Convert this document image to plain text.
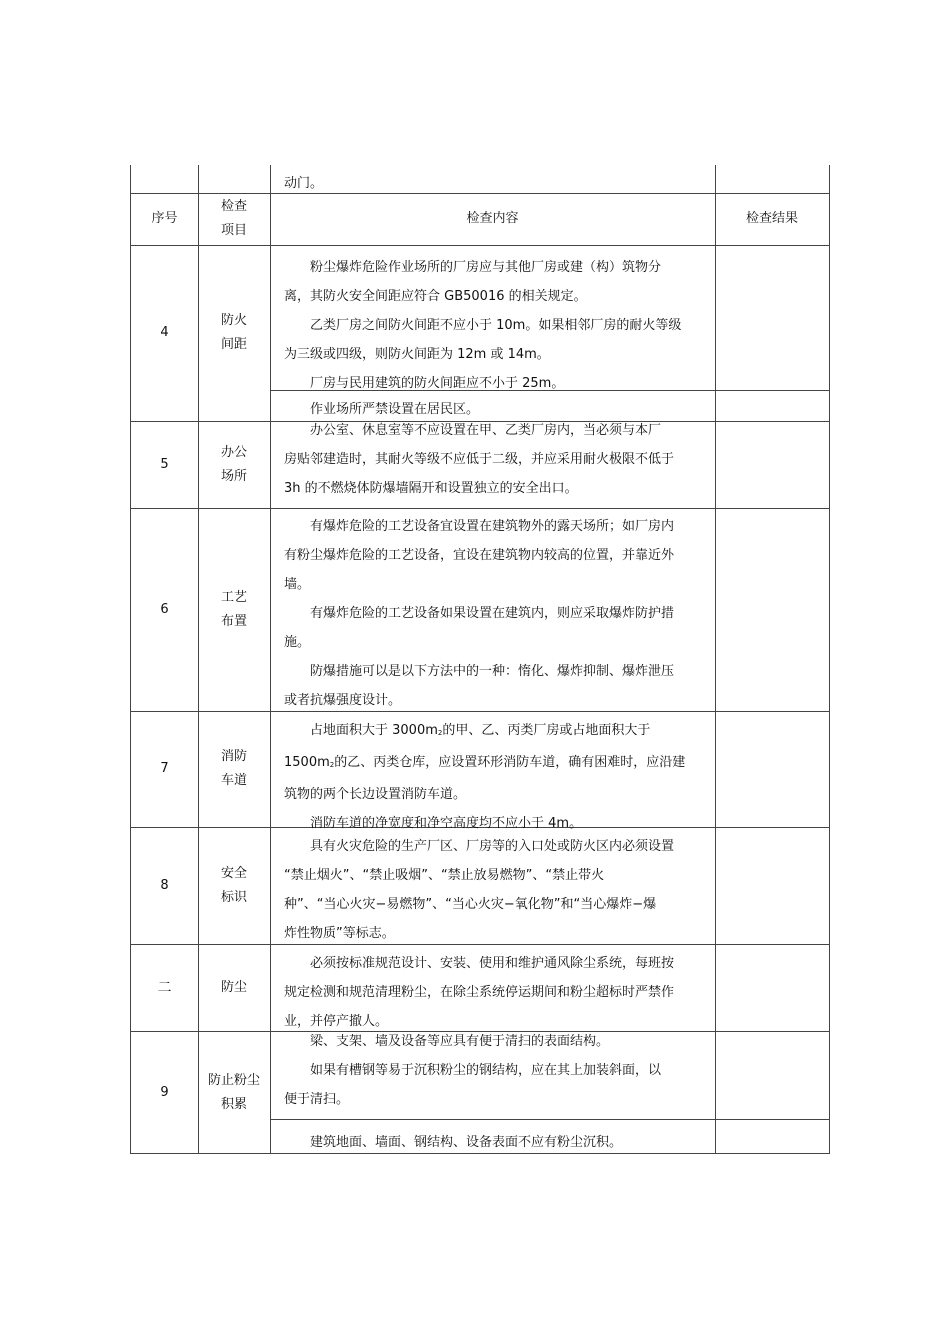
动门。

序号
检查
项目
检查内容	检查结果
4
防火
间距

粉尘爆炸危险作业场所的厂房应与其他厂房或建（构）筑物分

离，其防火安全间距应符合 GB50016 的相关规定。

乙类厂房之间防火间距不应小于 10m。如果相邻厂房的耐火等级

为三级或四级，则防火间距为 12m 或 14m。

厂房与民用建筑的防火间距应不小于 25m。

作业场所严禁设置在居民区。

5
办公
场所

办公室、休息室等不应设置在甲、乙类厂房内，当必须与本厂

房贴邻建造时，其耐火等级不应低于二级，并应采用耐火极限不低于

3h 的不燃烧体防爆墙隔开和设置独立的安全出口。

6
工艺
布置

有爆炸危险的工艺设备宜设置在建筑物外的露天场所；如厂房内

有粉尘爆炸危险的工艺设备，宜设在建筑物内较高的位置，并靠近外

墙。

有爆炸危险的工艺设备如果设置在建筑内，则应采取爆炸防护措

施。

防爆措施可以是以下方法中的一种：惰化、爆炸抑制、爆炸泄压

或者抗爆强度设计。

7
消防
车道

占地面积大于 $3000m_2$的甲、乙、丙类厂房或占地面积大于

$1500m_2$的乙、丙类仓库，应设置环形消防车道，确有困难时，应沿建

筑物的两个长边设置消防车道。

消防车道的净宽度和净空高度均不应小于 4m。

8
安全
标识

具有火灾危险的生产厂区、厂房等的入口处或防火区内必须设置

“禁止烟火”、“禁止吸烟”、“禁止放易燃物”、“禁止带火

种”、“当心火灾−易燃物”、“当心火灾−氧化物”和“当心爆炸−爆

炸性物质”等标志。

二	防尘

必须按标准规范设计、安装、使用和维护通风除尘系统，每班按

规定检测和规范清理粉尘，在除尘系统停运期间和粉尘超标时严禁作

业，并停产撤人。

9
防止粉尘
积累

梁、支架、墙及设备等应具有便于清扫的表面结构。

如果有槽钢等易于沉积粉尘的钢结构，应在其上加装斜面，以

便于清扫。

建筑地面、墙面、钢结构、设备表面不应有粉尘沉积。
